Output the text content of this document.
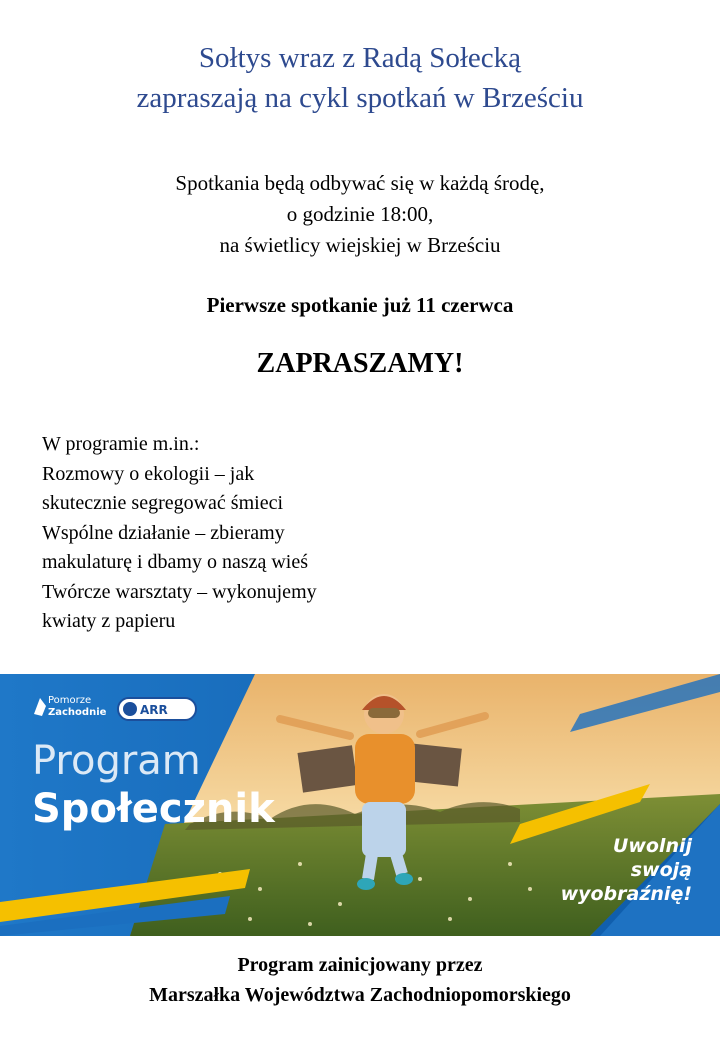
Sołtys wraz z Radą Sołecką
zapraszają na cykl spotkań w Brześciu
Spotkania będą odbywać się w każdą środę,
o godzinie 18:00,
na świetlicy wiejskiej w Brześciu
Pierwsze spotkanie już 11 czerwca
ZAPRASZAMY!
W programie m.in.:
Rozmowy o ekologii – jak
skutecznie segregować śmieci
Wspólne działanie – zbieramy
makulaturę i dbamy o naszą wieś
Twórcze warsztaty – wykonujemy
kwiaty z papieru
Pomorze
Zachodnie	ARR
Program
Społecznik
Uwolnij
swoją
wyobraźnię!
Program zainicjowany przez
Marszałka Województwa Zachodniopomorskiego
